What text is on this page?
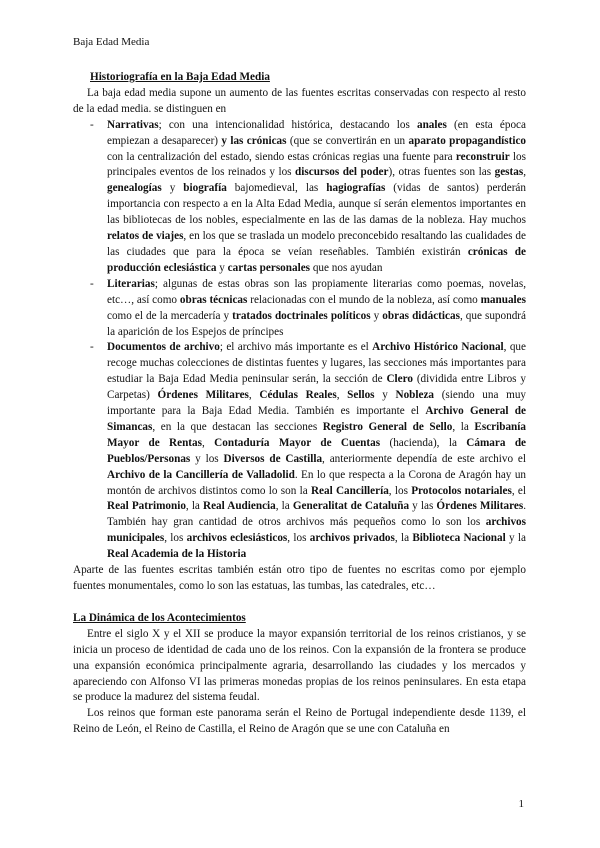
Baja Edad Media

Historiografía en la Baja Edad Media

La baja edad media supone un aumento de las fuentes escritas conservadas con respecto al resto de la edad media. se distinguen en

- Narrativas; con una intencionalidad histórica, destacando los anales (en esta época empiezan a desaparecer) y las crónicas (que se convertirán en un aparato propagandístico con la centralización del estado, siendo estas crónicas regias una fuente para reconstruir los principales eventos de los reinados y los discursos del poder), otras fuentes son las gestas, genealogías y biografía bajomedieval, las hagiografías (vidas de santos) perderán importancia con respecto a en la Alta Edad Media, aunque sí serán elementos importantes en las bibliotecas de los nobles, especialmente en las de las damas de la nobleza. Hay muchos relatos de viajes, en los que se traslada un modelo preconcebido resaltando las cualidades de las ciudades que para la época se veían reseñables. También existirán crónicas de producción eclesiástica y cartas personales que nos ayudan
- Literarias; algunas de estas obras son las propiamente literarias como poemas, novelas, etc…, así como obras técnicas relacionadas con el mundo de la nobleza, así como manuales como el de la mercadería y tratados doctrinales políticos y obras didácticas, que supondrá la aparición de los Espejos de príncipes
- Documentos de archivo; el archivo más importante es el Archivo Histórico Nacional, que recoge muchas colecciones de distintas fuentes y lugares, las secciones más importantes para estudiar la Baja Edad Media peninsular serán, la sección de Clero (dividida entre Libros y Carpetas) Órdenes Militares, Cédulas Reales, Sellos y Nobleza (siendo una muy importante para la Baja Edad Media. También es importante el Archivo General de Simancas, en la que destacan las secciones Registro General de Sello, la Escribanía Mayor de Rentas, Contaduría Mayor de Cuentas (hacienda), la Cámara de Pueblos/Personas y los Diversos de Castilla, anteriormente dependía de este archivo el Archivo de la Cancillería de Valladolid. En lo que respecta a la Corona de Aragón hay un montón de archivos distintos como lo son la Real Cancillería, los Protocolos notariales, el Real Patrimonio, la Real Audiencia, la Generalitat de Cataluña y las Órdenes Militares. También hay gran cantidad de otros archivos más pequeños como lo son los archivos municipales, los archivos eclesiásticos, los archivos privados, la Biblioteca Nacional y la Real Academia de la Historia

Aparte de las fuentes escritas también están otro tipo de fuentes no escritas como por ejemplo fuentes monumentales, como lo son las estatuas, las tumbas, las catedrales, etc…

La Dinámica de los Acontecimientos

Entre el siglo X y el XII se produce la mayor expansión territorial de los reinos cristianos, y se inicia un proceso de identidad de cada uno de los reinos. Con la expansión de la frontera se produce una expansión económica principalmente agraria, desarrollando las ciudades y los mercados y apareciendo con Alfonso VI las primeras monedas propias de los reinos peninsulares. En esta etapa se produce la madurez del sistema feudal.

Los reinos que forman este panorama serán el Reino de Portugal independiente desde 1139, el Reino de León, el Reino de Castilla, el Reino de Aragón que se une con Cataluña en

1
